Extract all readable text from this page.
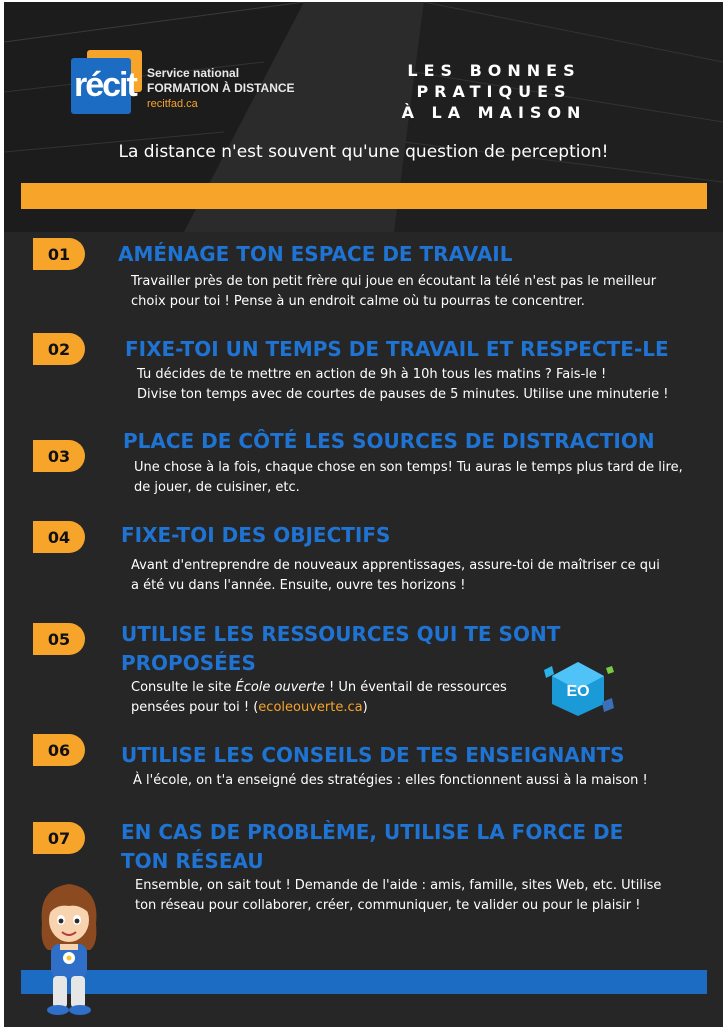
récit Service national
FORMATION À DISTANCE
recitfad.ca
LES BONNES
PRATIQUES
À LA MAISON
La distance n'est souvent qu'une question de perception!
01	AMÉNAGE TON ESPACE DE TRAVAIL
Travailler près de ton petit frère qui joue en écoutant la télé n'est pas le meilleur
choix pour toi ! Pense à un endroit calme où tu pourras te concentrer.
02	FIXE-TOI UN TEMPS DE TRAVAIL ET RESPECTE-LE
Tu décides de te mettre en action de 9h à 10h tous les matins ? Fais-le !
Divise ton temps avec de courtes de pauses de 5 minutes. Utilise une minuterie !
03
PLACE DE CÔTÉ LES SOURCES DE DISTRACTION
Une chose à la fois, chaque chose en son temps! Tu auras le temps plus tard de lire,
de jouer, de cuisiner, etc.
04	FIXE-TOI DES OBJECTIFS
Avant d'entreprendre de nouveaux apprentissages, assure-toi de maîtriser ce qui
a été vu dans l'année. Ensuite, ouvre tes horizons !
05	UTILISE LES RESSOURCES QUI TE SONT
PROPOSÉES
Consulte le site École ouverte ! Un éventail de ressources
pensées pour toi ! (ecoleouverte.ca)
EO
06	UTILISE LES CONSEILS DE TES ENSEIGNANTS
À l'école, on t'a enseigné des stratégies : elles fonctionnent aussi à la maison !
07	EN CAS DE PROBLÈME, UTILISE LA FORCE DE
TON RÉSEAU
Ensemble, on sait tout ! Demande de l'aide : amis, famille, sites Web, etc. Utilise
ton réseau pour collaborer, créer, communiquer, te valider ou pour le plaisir !
